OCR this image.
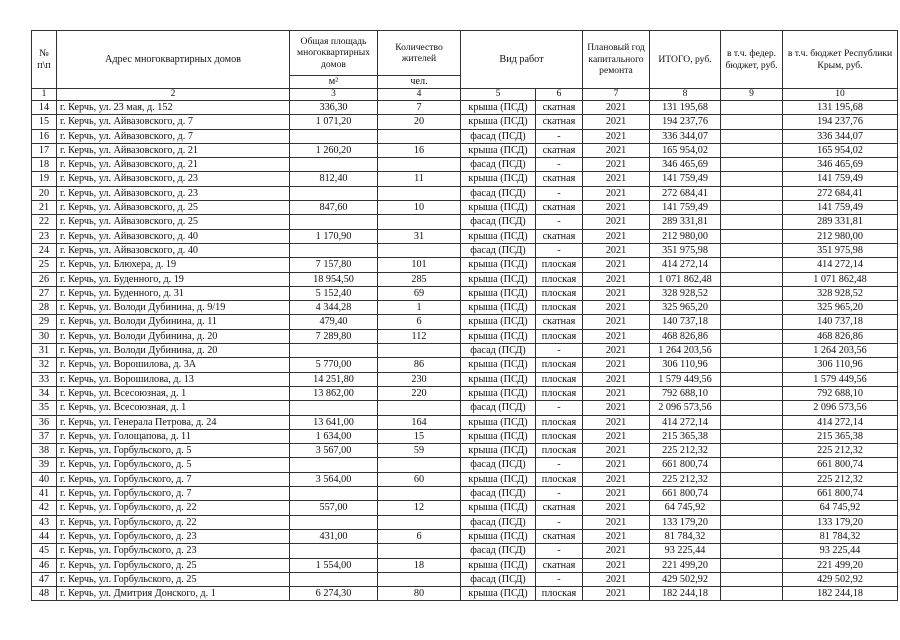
№ п\п	Адрес многоквартирных домов	Общая площадь многоквартирных домов	Количество жителей	Вид работ		Плановый год капитального ремонта	ИТОГО, руб.	в т.ч. федер. бюджет, руб.	в т.ч. бюджет Республики Крым, руб.
		м²	чел.						
1	2	3	4	5	6	7	8	9	10
14	г. Керчь, ул. 23 мая, д. 152	336,30	7	крыша (ПСД)	скатная	2021	131 195,68		131 195,68
15	г. Керчь, ул. Айвазовского, д. 7	1 071,20	20	крыша (ПСД)	скатная	2021	194 237,76		194 237,76
16	г. Керчь, ул. Айвазовского, д. 7			фасад (ПСД)	-	2021	336 344,07		336 344,07
17	г. Керчь, ул. Айвазовского, д. 21	1 260,20	16	крыша (ПСД)	скатная	2021	165 954,02		165 954,02
18	г. Керчь, ул. Айвазовского, д. 21			фасад (ПСД)	-	2021	346 465,69		346 465,69
19	г. Керчь, ул. Айвазовского, д. 23	812,40	11	крыша (ПСД)	скатная	2021	141 759,49		141 759,49
20	г. Керчь, ул. Айвазовского, д. 23			фасад (ПСД)	-	2021	272 684,41		272 684,41
21	г. Керчь, ул. Айвазовского, д. 25	847,60	10	крыша (ПСД)	скатная	2021	141 759,49		141 759,49
22	г. Керчь, ул. Айвазовского, д. 25			фасад (ПСД)	-	2021	289 331,81		289 331,81
23	г. Керчь, ул. Айвазовского, д. 40	1 170,90	31	крыша (ПСД)	скатная	2021	212 980,00		212 980,00
24	г. Керчь, ул. Айвазовского, д. 40			фасад (ПСД)	-	2021	351 975,98		351 975,98
25	г. Керчь, ул. Блюхера, д. 19	7 157,80	101	крыша (ПСД)	плоская	2021	414 272,14		414 272,14
26	г. Керчь, ул. Буденного, д. 19	18 954,50	285	крыша (ПСД)	плоская	2021	1 071 862,48		1 071 862,48
27	г. Керчь, ул. Буденного, д. 31	5 152,40	69	крыша (ПСД)	плоская	2021	328 928,52		328 928,52
28	г. Керчь, ул. Володи Дубинина, д. 9/19	4 344,28	1	крыша (ПСД)	плоская	2021	325 965,20		325 965,20
29	г. Керчь, ул. Володи Дубинина, д. 11	479,40	6	крыша (ПСД)	скатная	2021	140 737,18		140 737,18
30	г. Керчь, ул. Володи Дубинина, д. 20	7 289,80	112	крыша (ПСД)	плоская	2021	468 826,86		468 826,86
31	г. Керчь, ул. Володи Дубинина, д. 20			фасад (ПСД)	-	2021	1 264 203,56		1 264 203,56
32	г. Керчь, ул. Ворошилова, д. 3А	5 770,00	86	крыша (ПСД)	плоская	2021	306 110,96		306 110,96
33	г. Керчь, ул. Ворошилова, д. 13	14 251,80	230	крыша (ПСД)	плоская	2021	1 579 449,56		1 579 449,56
34	г. Керчь, ул. Всесоюзная, д. 1	13 862,00	220	крыша (ПСД)	плоская	2021	792 688,10		792 688,10
35	г. Керчь, ул. Всесоюзная, д. 1			фасад (ПСД)	-	2021	2 096 573,56		2 096 573,56
36	г. Керчь, ул. Генерала Петрова, д. 24	13 641,00	164	крыша (ПСД)	плоская	2021	414 272,14		414 272,14
37	г. Керчь, ул. Голощапова, д. 11	1 634,00	15	крыша (ПСД)	плоская	2021	215 365,38		215 365,38
38	г. Керчь, ул. Горбульского, д. 5	3 567,00	59	крыша (ПСД)	плоская	2021	225 212,32		225 212,32
39	г. Керчь, ул. Горбульского, д. 5			фасад (ПСД)	-	2021	661 800,74		661 800,74
40	г. Керчь, ул. Горбульского, д. 7	3 564,00	60	крыша (ПСД)	плоская	2021	225 212,32		225 212,32
41	г. Керчь, ул. Горбульского, д. 7			фасад (ПСД)	-	2021	661 800,74		661 800,74
42	г. Керчь, ул. Горбульского, д. 22	557,00	12	крыша (ПСД)	скатная	2021	64 745,92		64 745,92
43	г. Керчь, ул. Горбульского, д. 22			фасад (ПСД)	-	2021	133 179,20		133 179,20
44	г. Керчь, ул. Горбульского, д. 23	431,00	6	крыша (ПСД)	скатная	2021	81 784,32		81 784,32
45	г. Керчь, ул. Горбульского, д. 23			фасад (ПСД)	-	2021	93 225,44		93 225,44
46	г. Керчь, ул. Горбульского, д. 25	1 554,00	18	крыша (ПСД)	скатная	2021	221 499,20		221 499,20
47	г. Керчь, ул. Горбульского, д. 25			фасад (ПСД)	-	2021	429 502,92		429 502,92
48	г. Керчь, ул. Дмитрия Донского, д. 1	6 274,30	80	крыша (ПСД)	плоская	2021	182 244,18		182 244,18
